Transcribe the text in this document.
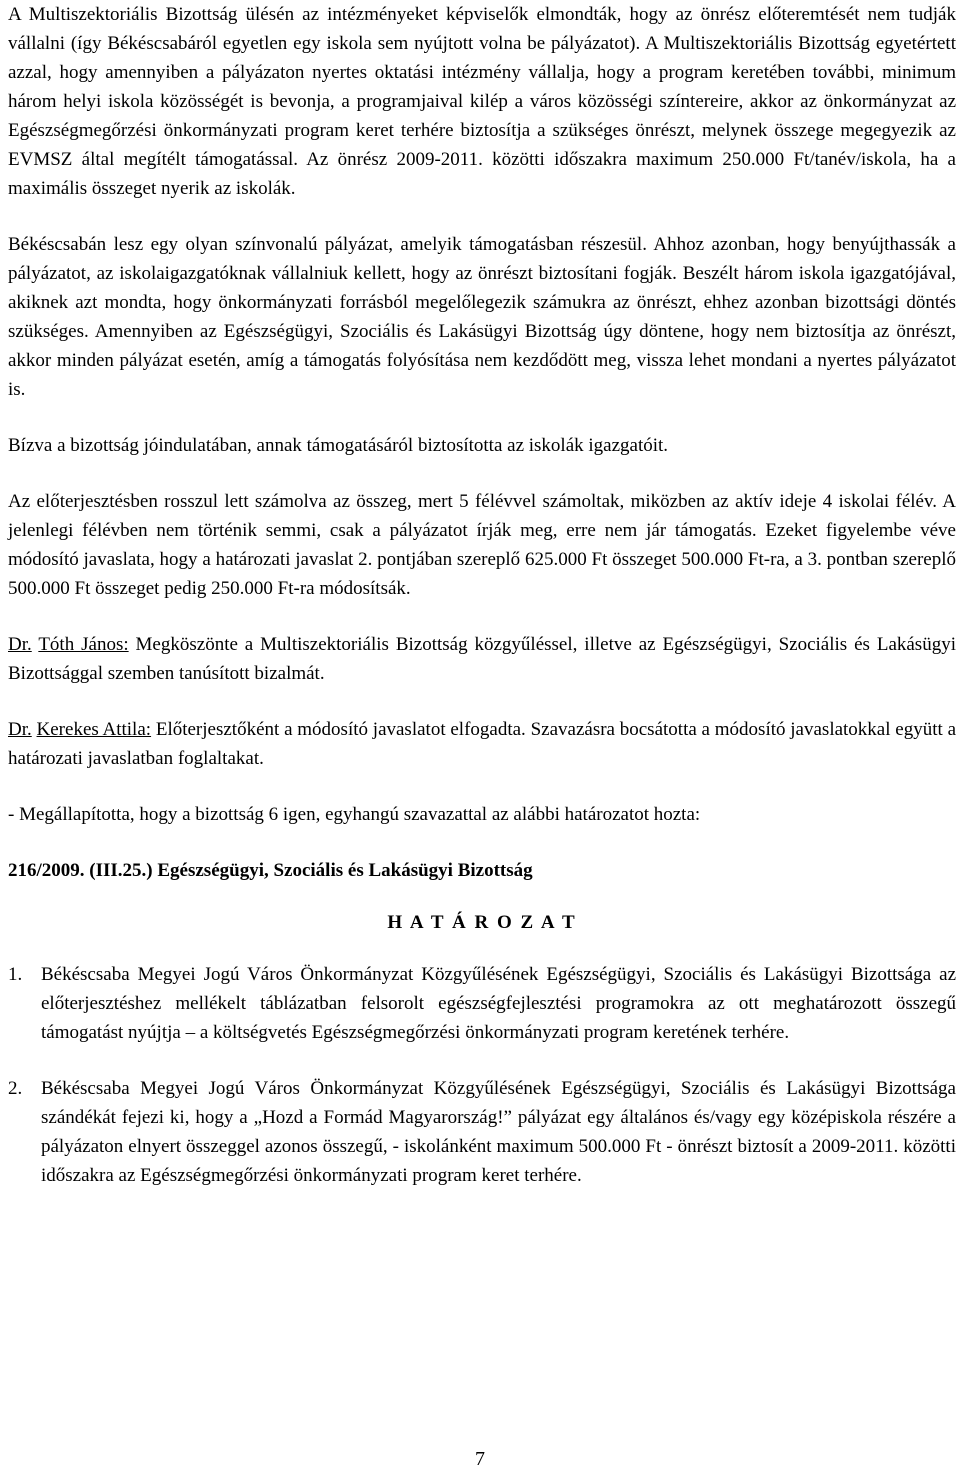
A Multiszektoriális Bizottság ülésén az intézményeket képviselők elmondták, hogy az önrész előteremtését nem tudják vállalni (így Békéscsabáról egyetlen egy iskola sem nyújtott volna be pályázatot). A Multiszektoriális Bizottság egyetértett azzal, hogy amennyiben a pályázaton nyertes oktatási intézmény vállalja, hogy a program keretében további, minimum három helyi iskola közösségét is bevonja, a programjaival kilép a város közösségi színtereire, akkor az önkormányzat az Egészségmegőrzési önkormányzati program keret terhére biztosítja a szükséges önrészt, melynek összege megegyezik az EVMSZ által megítélt támogatással. Az önrész 2009-2011. közötti időszakra maximum 250.000 Ft/tanév/iskola, ha a maximális összeget nyerik az iskolák.

Békéscsabán lesz egy olyan színvonalú pályázat, amelyik támogatásban részesül. Ahhoz azonban, hogy benyújthassák a pályázatot, az iskolaigazgatóknak vállalniuk kellett, hogy az önrészt biztosítani fogják. Beszélt három iskola igazgatójával, akiknek azt mondta, hogy önkormányzati forrásból megelőlegezik számukra az önrészt, ehhez azonban bizottsági döntés szükséges. Amennyiben az Egészségügyi, Szociális és Lakásügyi Bizottság úgy döntene, hogy nem biztosítja az önrészt, akkor minden pályázat esetén, amíg a támogatás folyósítása nem kezdődött meg, vissza lehet mondani a nyertes pályázatot is.

Bízva a bizottság jóindulatában, annak támogatásáról biztosította az iskolák igazgatóit.

Az előterjesztésben rosszul lett számolva az összeg, mert 5 félévvel számoltak, miközben az aktív ideje 4 iskolai félév. A jelenlegi félévben nem történik semmi, csak a pályázatot írják meg, erre nem jár támogatás. Ezeket figyelembe véve módosító javaslata, hogy a határozati javaslat 2. pontjában szereplő 625.000 Ft összeget 500.000 Ft-ra, a 3. pontban szereplő 500.000 Ft összeget pedig 250.000 Ft-ra módosítsák.

Dr. Tóth János: Megköszönte a Multiszektoriális Bizottság közgyűléssel, illetve az Egészségügyi, Szociális és Lakásügyi Bizottsággal szemben tanúsított bizalmát.

Dr. Kerekes Attila: Előterjesztőként a módosító javaslatot elfogadta. Szavazásra bocsátotta a módosító javaslatokkal együtt a határozati javaslatban foglaltakat.

- Megállapította, hogy a bizottság 6 igen, egyhangú szavazattal az alábbi határozatot hozta:

216/2009. (III.25.) Egészségügyi, Szociális és Lakásügyi Bizottság
H A T Á R O Z A T
1. Békéscsaba Megyei Jogú Város Önkormányzat Közgyűlésének Egészségügyi, Szociális és Lakásügyi Bizottsága az előterjesztéshez mellékelt táblázatban felsorolt egészségfejlesztési programokra az ott meghatározott összegű támogatást nyújtja – a költségvetés Egészségmegőrzési önkormányzati program keretének terhére.

2. Békéscsaba Megyei Jogú Város Önkormányzat Közgyűlésének Egészségügyi, Szociális és Lakásügyi Bizottsága szándékát fejezi ki, hogy a „Hozd a Formád Magyarország!” pályázat egy általános és/vagy egy középiskola részére a pályázaton elnyert összeggel azonos összegű, - iskolánként maximum 500.000 Ft - önrészt biztosít a 2009-2011. közötti időszakra az Egészségmegőrzési önkormányzati program keret terhére.

7
